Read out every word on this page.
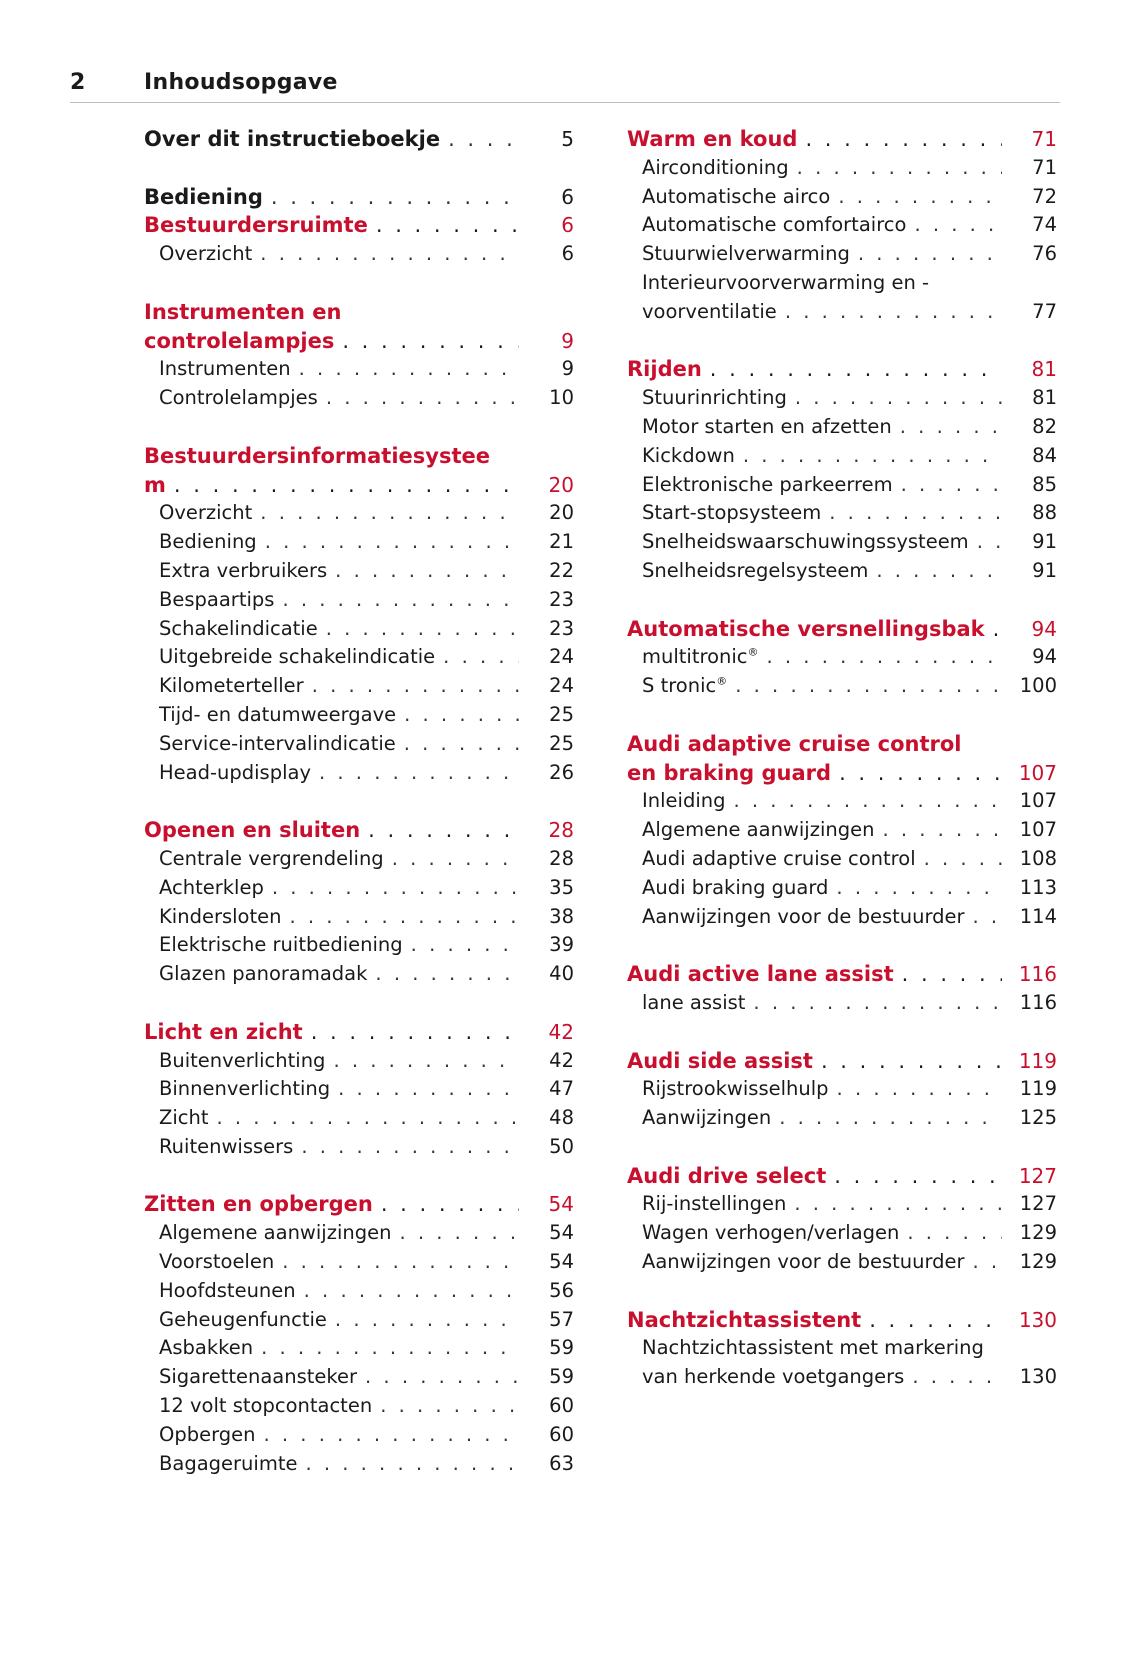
2	Inhoudsopgave
Over dit instructieboekje . . .	5
Bediening . . .	6
Bestuurdersruimte . . .	6
Overzicht . . .	6
Instrumenten en
controlelampjes . . .	9
Instrumenten . . .	9
Controlelampjes . . .	10
Bestuurdersinformatiesystee
m . . .	20
Overzicht . . .	20
Bediening . . .	21
Extra verbruikers . . .	22
Bespaartips . . .	23
Schakelindicatie . . .	23
Uitgebreide schakelindicatie . . .	24
Kilometerteller . . .	24
Tijd- en datumweergave . . .	25
Service-intervalindicatie . . .	25
Head-updisplay . . .	26
Openen en sluiten . . .	28
Centrale vergrendeling . . .	28
Achterklep . . .	35
Kindersloten . . .	38
Elektrische ruitbediening . . .	39
Glazen panoramadak . . .	40
Licht en zicht . . .	42
Buitenverlichting . . .	42
Binnenverlichting . . .	47
Zicht . . .	48
Ruitenwissers . . .	50
Zitten en opbergen . . .	54
Algemene aanwijzingen . . .	54
Voorstoelen . . .	54
Hoofdsteunen . . .	56
Geheugenfunctie . . .	57
Asbakken . . .	59
Sigarettenaansteker . . .	59
12 volt stopcontacten . . .	60
Opbergen . . .	60
Bagageruimte . . .	63
Warm en koud . . .	71
Airconditioning . . .	71
Automatische airco . . .	72
Automatische comfortairco . . .	74
Stuurwielverwarming . . .	76
Interieurvoorverwarming en -
voorventilatie . . .	77
Rijden . . .	81
Stuurinrichting . . .	81
Motor starten en afzetten . . .	82
Kickdown . . .	84
Elektronische parkeerrem . . .	85
Start-stopsysteem . . .	88
Snelheidswaarschuwingssysteem . . .	91
Snelheidsregelsysteem . . .	91
Automatische versnellingsbak . . .	94
multitronic® . . .	94
S tronic® . . .	100
Audi adaptive cruise control
en braking guard . . .	107
Inleiding . . .	107
Algemene aanwijzingen . . .	107
Audi adaptive cruise control . . .	108
Audi braking guard . . .	113
Aanwijzingen voor de bestuurder . . .	114
Audi active lane assist . . .	116
lane assist . . .	116
Audi side assist . . .	119
Rijstrookwisselhulp . . .	119
Aanwijzingen . . .	125
Audi drive select . . .	127
Rij-instellingen . . .	127
Wagen verhogen/verlagen . . .	129
Aanwijzingen voor de bestuurder . . .	129
Nachtzichtassistent . . .	130
Nachtzichtassistent met markering
van herkende voetgangers . . .	130
